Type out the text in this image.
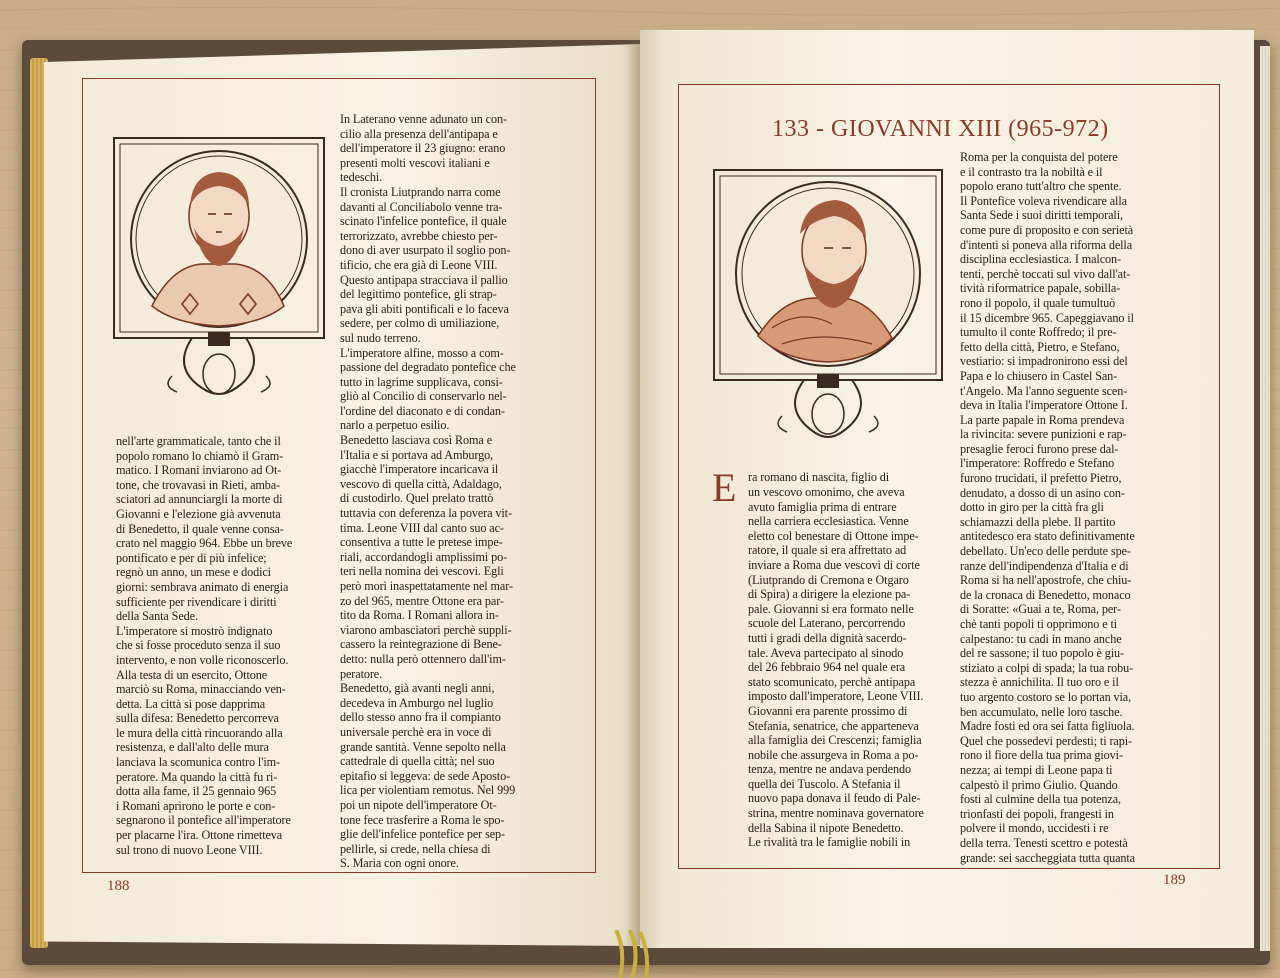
In Laterano venne adunato un con-
cilio alla presenza dell'antipapa e
dell'imperatore il 23 giugno: erano
presenti molti vescovi italiani e
tedeschi.
Il cronista Liutprando narra come
davanti al Conciliabolo venne tra-
scinato l'infelice pontefice, il quale
terrorizzato, avrebbe chiesto per-
dono di aver usurpato il soglio pon-
tificio, che era già di Leone VIII.
Questo antipapa stracciava il pallio
del legittimo pontefice, gli strap-
pava gli abiti pontificali e lo faceva
sedere, per colmo di umiliazione,
sul nudo terreno.
L'imperatore alfine, mosso a com-
passione del degradato pontefice che
tutto in lagrime supplicava, consi-
gliò al Concilio di conservarlo nel-
l'ordine del diaconato e di condan-
narlo a perpetuo esilio.
Benedetto lasciava così Roma e
l'Italia e si portava ad Amburgo,
giacchè l'imperatore incaricava il
vescovo di quella città, Adaldago,
di custodirlo. Quel prelato trattò
tuttavia con deferenza la povera vit-
tima. Leone VIII dal canto suo ac-
consentiva a tutte le pretese impe-
riali, accordandogli amplissimi po-
teri nella nomina dei vescovi. Egli
però morì inaspettatamente nel mar-
zo del 965, mentre Ottone era par-
tito da Roma. I Romani allora in-
viarono ambasciatori perchè suppli-
cassero la reintegrazione di Bene-
detto: nulla però ottennero dall'im-
peratore.
Benedetto, già avanti negli anni,
decedeva in Amburgo nel luglio
dello stesso anno fra il compianto
universale perchè era in voce di
grande santità. Venne sepolto nella
cattedrale di quella città; nel suo
epitafio si leggeva: de sede Aposto-
lica per violentiam remotus. Nel 999
poi un nipote dell'imperatore Ot-
tone fece trasferire a Roma le spo-
glie dell'infelice pontefice per sep-
pellirle, si crede, nella chiesa di
S. Maria con ogni onore.
nell'arte grammaticale, tanto che il
popolo romano lo chiamò il Gram-
matico. I Romani inviarono ad Ot-
tone, che trovavasi in Rieti, amba-
sciatori ad annunciargli la morte di
Giovanni e l'elezione già avvenuta
di Benedetto, il quale venne consa-
crato nel maggio 964. Ebbe un breve
pontificato e per di più infelice;
regnò un anno, un mese e dodici
giorni: sembrava animato di energia
sufficiente per rivendicare i diritti
della Santa Sede.
L'imperatore si mostrò indignato
che si fosse proceduto senza il suo
intervento, e non volle riconoscerlo.
Alla testa di un esercito, Ottone
marciò su Roma, minacciando ven-
detta. La città si pose dapprima
sulla difesa: Benedetto percorreva
le mura della città rincuorando alla
resistenza, e dall'alto delle mura
lanciava la scomunica contro l'im-
peratore. Ma quando la città fu ri-
dotta alla fame, il 25 gennaio 965
i Romani aprirono le porte e con-
segnarono il pontefice all'imperatore
per placarne l'ira. Ottone rimetteva
sul trono di nuovo Leone VIII.
188
133 - GIOVANNI XIII (965-972)
E ra romano di nascita, figlio di
un vescovo omonimo, che aveva
avuto famiglia prima di entrare
nella carriera ecclesiastica. Venne
eletto col benestare di Ottone impe-
ratore, il quale si era affrettato ad
inviare a Roma due vescovi di corte
(Liutprando di Cremona e Otgaro
di Spira) a dirigere la elezione pa-
pale. Giovanni si era formato nelle
scuole del Laterano, percorrendo
tutti i gradi della dignità sacerdo-
tale. Aveva partecipato al sinodo
del 26 febbraio 964 nel quale era
stato scomunicato, perchè antipapa
imposto dall'imperatore, Leone VIII.
Giovanni era parente prossimo di
Stefania, senatrice, che apparteneva
alla famiglia dei Crescenzi; famiglia
nobile che assurgeva in Roma a po-
tenza, mentre ne andava perdendo
quella dei Tuscolo. A Stefania il
nuovo papa donava il feudo di Pale-
strina, mentre nominava governatore
della Sabina il nipote Benedetto.
Le rivalità tra le famiglie nobili in
Roma per la conquista del potere
e il contrasto tra la nobiltà e il
popolo erano tutt'altro che spente.
Il Pontefice voleva rivendicare alla
Santa Sede i suoi diritti temporali,
come pure di proposito e con serietà
d'intenti si poneva alla riforma della
disciplina ecclesiastica. I malcon-
tenti, perchè toccati sul vivo dall'at-
tività riformatrice papale, sobilla-
rono il popolo, il quale tumultuò
il 15 dicembre 965. Capeggiavano il
tumulto il conte Roffredo; il pre-
fetto della città, Pietro, e Stefano,
vestiario: si impadronirono essi del
Papa e lo chiusero in Castel San-
t'Angelo. Ma l'anno seguente scen-
deva in Italia l'imperatore Ottone I.
La parte papale in Roma prendeva
la rivincita: severe punizioni e rap-
presaglie feroci furono prese dal-
l'imperatore: Roffredo e Stefano
furono trucidati, il prefetto Pietro,
denudato, a dosso di un asino con-
dotto in giro per la città fra gli
schiamazzi della plebe. Il partito
antitedesco era stato definitivamente
debellato. Un'eco delle perdute spe-
ranze dell'indipendenza d'Italia e di
Roma si ha nell'apostrofe, che chiu-
de la cronaca di Benedetto, monaco
di Soratte: «Guai a te, Roma, per-
chè tanti popoli ti opprimono e ti
calpestano: tu cadi in mano anche
del re sassone; il tuo popolo è giu-
stiziato a colpi di spada; la tua robu-
stezza è annichilita. Il tuo oro e il
tuo argento costoro se lo portan via,
ben accumulato, nelle loro tasche.
Madre fosti ed ora sei fatta figliuola.
Quel che possedevi perdesti; ti rapi-
rono il fiore della tua prima giovi-
nezza; ai tempi di Leone papa ti
calpestò il primo Giulio. Quando
fosti al culmine della tua potenza,
trionfasti dei popoli, frangesti in
polvere il mondo, uccidesti i re
della terra. Tenesti scettro e potestà
grande: sei saccheggiata tutta quanta
189
